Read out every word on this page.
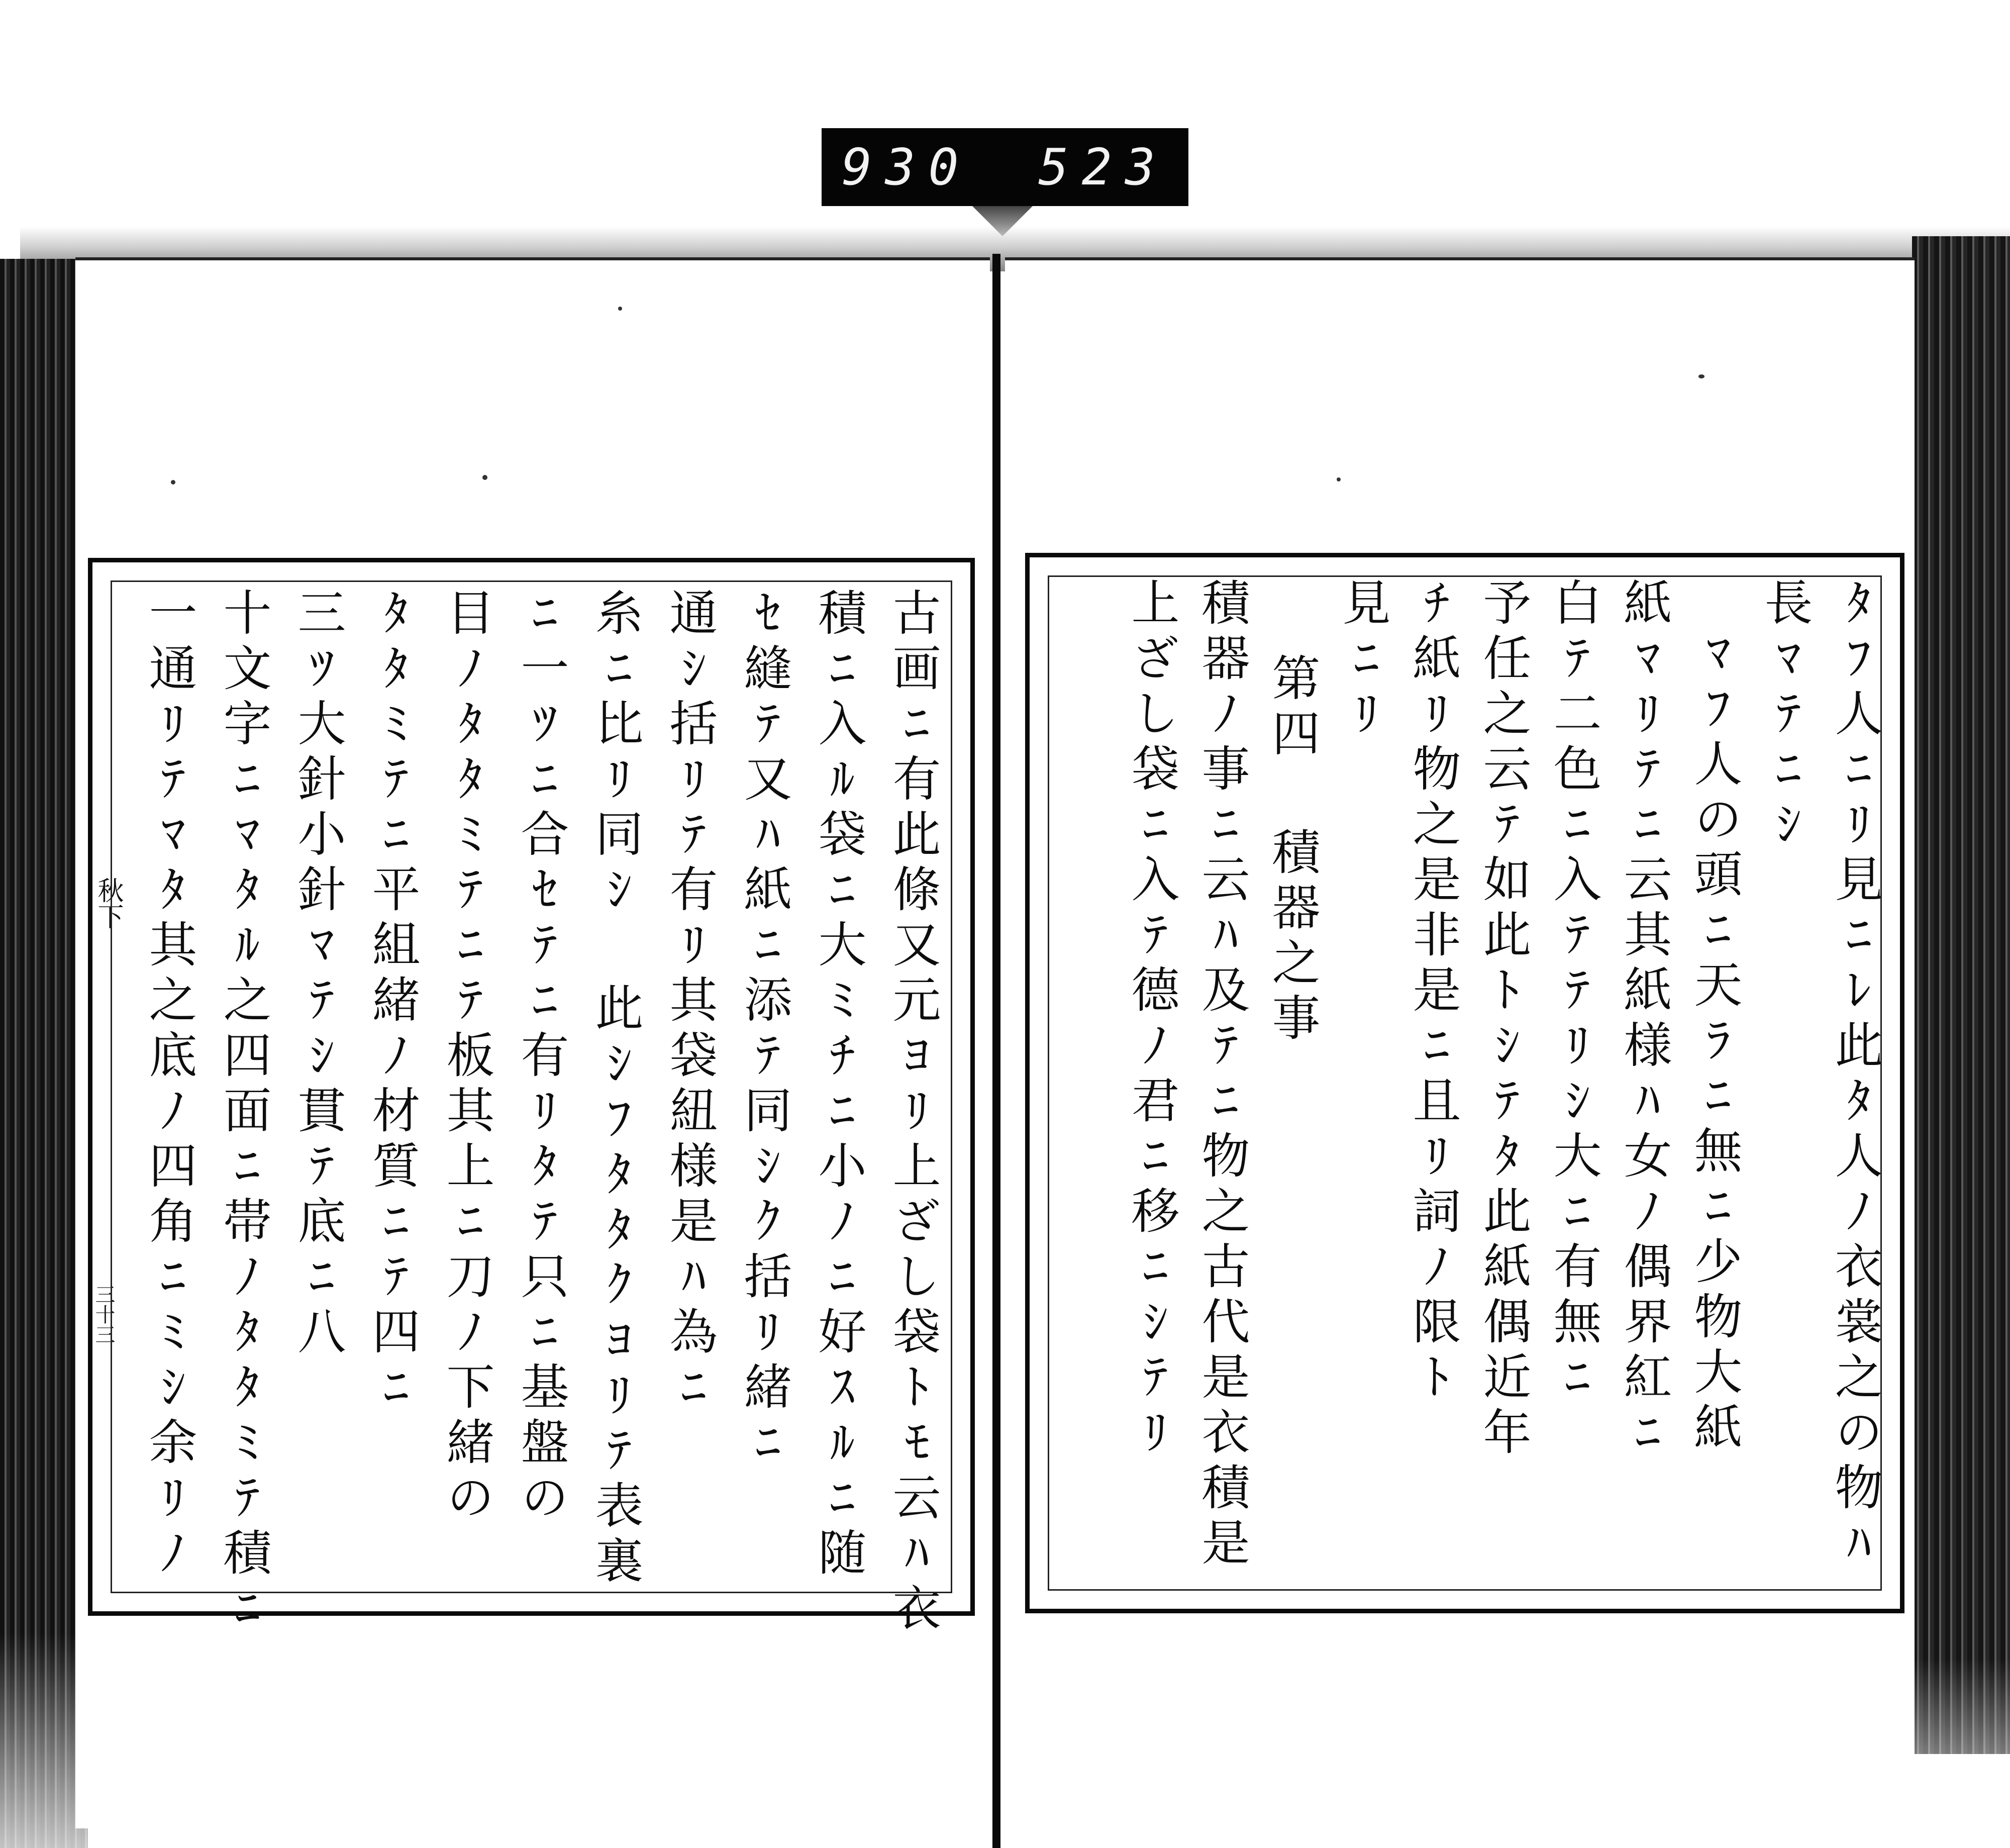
930 523
秋下
三十三	古画ﾆ有此條又元ﾖﾘ上ざし袋ﾄﾓ云ﾊ衣
積ﾆ入ﾙ袋ﾆ大ﾐﾁﾆ小ﾉﾆ好ｽﾙﾆ随
ｾ縫ﾃ又ﾊ紙ﾆ添ﾃ同ｼｸ括ﾘ緒ﾆ
通ｼ括ﾘﾃ有ﾘ其袋紐様是ﾊ為ﾆ
糸ﾆ比ﾘ同ｼ 此ｼﾌﾀﾀｸﾖﾘﾃ表裏
ﾆ一ﾂﾆ合ｾﾃﾆ有ﾘﾀﾃ只ﾆ基盤の
目ﾉﾀﾀﾐﾃﾆﾃ板其上ﾆ刀ﾉ下緒の
ﾀﾀﾐﾃﾆ平組緒ﾉ材質ﾆﾃ四ﾆ
三ﾂ大針小針ﾏﾃｼ貫ﾃ底ﾆ八
十文字ﾆﾏﾀﾙ之四面ﾆ帯ﾉﾀﾀﾐﾃ積ﾆ
一通ﾘﾃﾏﾀ其之底ﾉ四角ﾆﾐｼ余ﾘﾉ	ﾀﾌ人ﾆﾘ見ﾆﾚ此ﾀ人ﾉ衣裳之の物ﾊ
長ﾏﾃﾆｼ
ﾏﾌ人の頭ﾆ天ﾗﾆ無ﾆ少物大紙
紙ﾏﾘﾃﾆ云其紙様ﾊ女ﾉ偶界紅ﾆ
白ﾃ二色ﾆ入ﾃﾃﾘｼ大ﾆ有無ﾆ
予任之云ﾃ如此ﾄｼﾃﾀ此紙偶近年
ﾁ紙ﾘ物之是非是ﾆ且ﾘ詞ﾉ限ﾄ
見ﾆﾘ
第四 積器之事
積器ﾉ事ﾆ云ﾊ及ﾃﾆ物之古代是衣積是
上ざし袋ﾆ入ﾃ德ﾉ君ﾆ移ﾆｼﾃﾘ
